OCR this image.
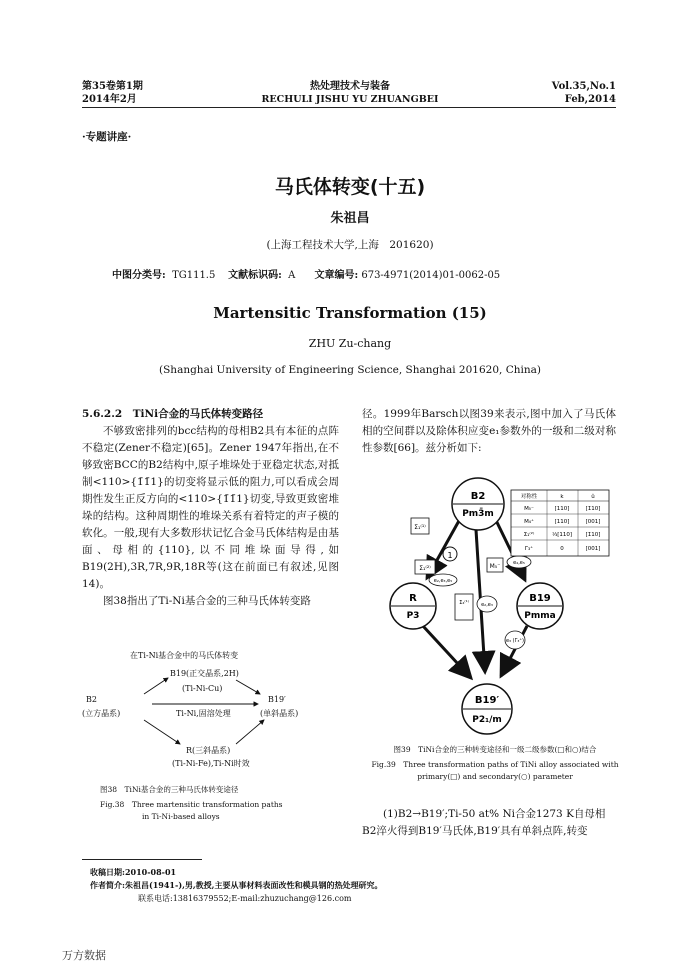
第35卷第1期
2014年2月
热处理技术与装备
RECHULI JISHU YU ZHUANGBEI
Vol.35,No.1
Feb,2014
·专题讲座·
马氏体转变(十五)
朱祖昌
(上海工程技术大学,上海　201620)
中图分类号: TG111.5 文献标识码: A 文章编号: 673-4971(2014)01-0062-05
Martensitic Transformation (15)
ZHU Zu-chang
(Shanghai University of Engineering Science, Shanghai 201620, China)

5.6.2.2　TiNi合金的马氏体转变路径

不够致密排列的bcc结构的母相B2具有本征的点阵不稳定(Zener不稳定)[65]。Zener 1947年指出,在不够致密BCC的B2结构中,原子堆垛处于亚稳定状态,对抵制<110>{1̄1̄1}的切变将显示低的阻力,可以看成会周期性发生正反方向的<110>{1̄1̄1}切变,导致更致密堆垛的结构。这种周期性的堆垛关系有着特定的声子模的软化。一般,现有大多数形状记忆合金马氏体结构是由基面、母相的{110},以不同堆垛面导得,如B19(2H),3R,7R,9R,18R等(这在前面已有叙述,见图14)。

图38指出了Ti-Ni基合金的三种马氏体转变路

在Ti-Ni基合金中的马氏体转变
B19(正交晶系,2H)
(Ti-Ni-Cu)
B2
(立方晶系)	Ti-Ni,固溶处理
B19′
(单斜晶系)
R(三斜晶系)
(Ti-Ni-Fe),Ti-Ni时效
图38　TiNi基合金的三种马氏体转变途径
Fig.38　Three martensitic transformation paths
in Ti-Ni-based alloys

径。1999年Barsch以图39来表示,图中加入了马氏体相的空间群以及除体积应变e₁参数外的一级和二级对称性参数[66]。兹分析如下:

B2
Pm3̄m
R
P3
B19
Pmma
B19′
P2₁/m
Σ₁⁽¹⁾
1
Σ₁⁽²⁾
e₂,e₃,e₅
M₅⁻	e₄,e₅
Σ₄⁽¹⁾ e₂,e₃
e₃ (Γ₃⁺)
对称性	k	û
M₅⁻	[110]	[1̄10]
M₄⁺	[110]	[001]
Σ₁⁽²⁾	⅓[110] [1̄10]
Γ₃⁺	0	[001]
图39　TiNi合金的三种转变途径和一级二级参数(□和○)结合
Fig.39　Three transformation paths of TiNi alloy associated with
primary(□) and secondary(○) parameter

(1)B2→B19′;Ti-50 at% Ni合金1273 K自母相

B2淬火得到B19′马氏体,B19′具有单斜点阵,转变

收稿日期:2010-08-01
作者简介:朱祖昌(1941-),男,教授,主要从事材料表面改性和模具钢的热处理研究。
联系电话:13816379552;E-mail:zhuzuchang@126.com
万方数据
